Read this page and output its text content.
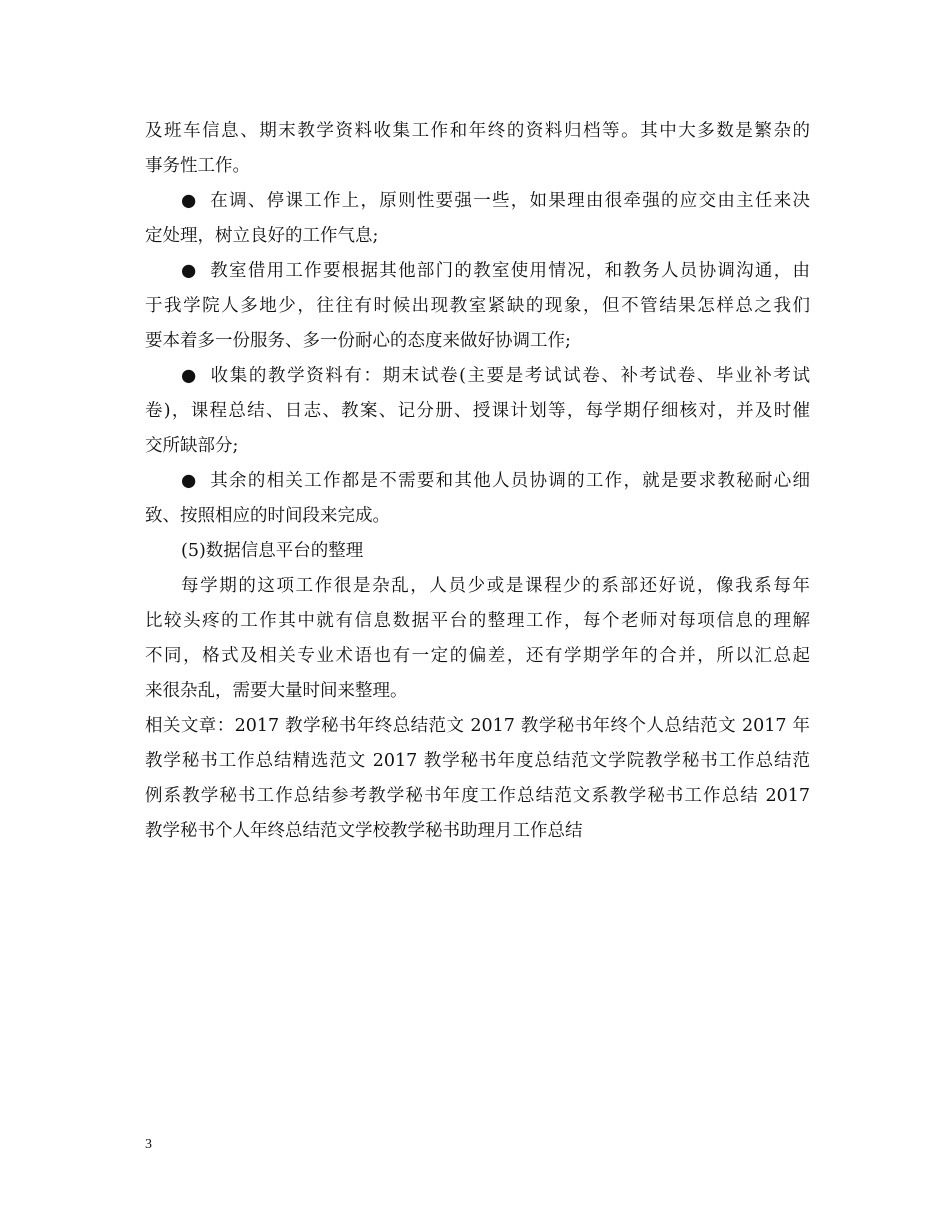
及班车信息、期末教学资料收集工作和年终的资料归档等。其中大多数是繁杂的
事务性工作。
● 在调、停课工作上，原则性要强一些，如果理由很牵强的应交由主任来决
定处理，树立良好的工作气息;
● 教室借用工作要根据其他部门的教室使用情况，和教务人员协调沟通，由
于我学院人多地少，往往有时候出现教室紧缺的现象，但不管结果怎样总之我们
要本着多一份服务、多一份耐心的态度来做好协调工作;
● 收集的教学资料有：期末试卷(主要是考试试卷、补考试卷、毕业补考试
卷)，课程总结、日志、教案、记分册、授课计划等，每学期仔细核对，并及时催
交所缺部分;
● 其余的相关工作都是不需要和其他人员协调的工作，就是要求教秘耐心细
致、按照相应的时间段来完成。
(5)数据信息平台的整理
每学期的这项工作很是杂乱，人员少或是课程少的系部还好说，像我系每年
比较头疼的工作其中就有信息数据平台的整理工作，每个老师对每项信息的理解
不同，格式及相关专业术语也有一定的偏差，还有学期学年的合并，所以汇总起
来很杂乱，需要大量时间来整理。
相关文章：2017 教学秘书年终总结范文 2017 教学秘书年终个人总结范文 2017 年
教学秘书工作总结精选范文 2017 教学秘书年度总结范文学院教学秘书工作总结范
例系教学秘书工作总结参考教学秘书年度工作总结范文系教学秘书工作总结 2017
教学秘书个人年终总结范文学校教学秘书助理月工作总结
3
